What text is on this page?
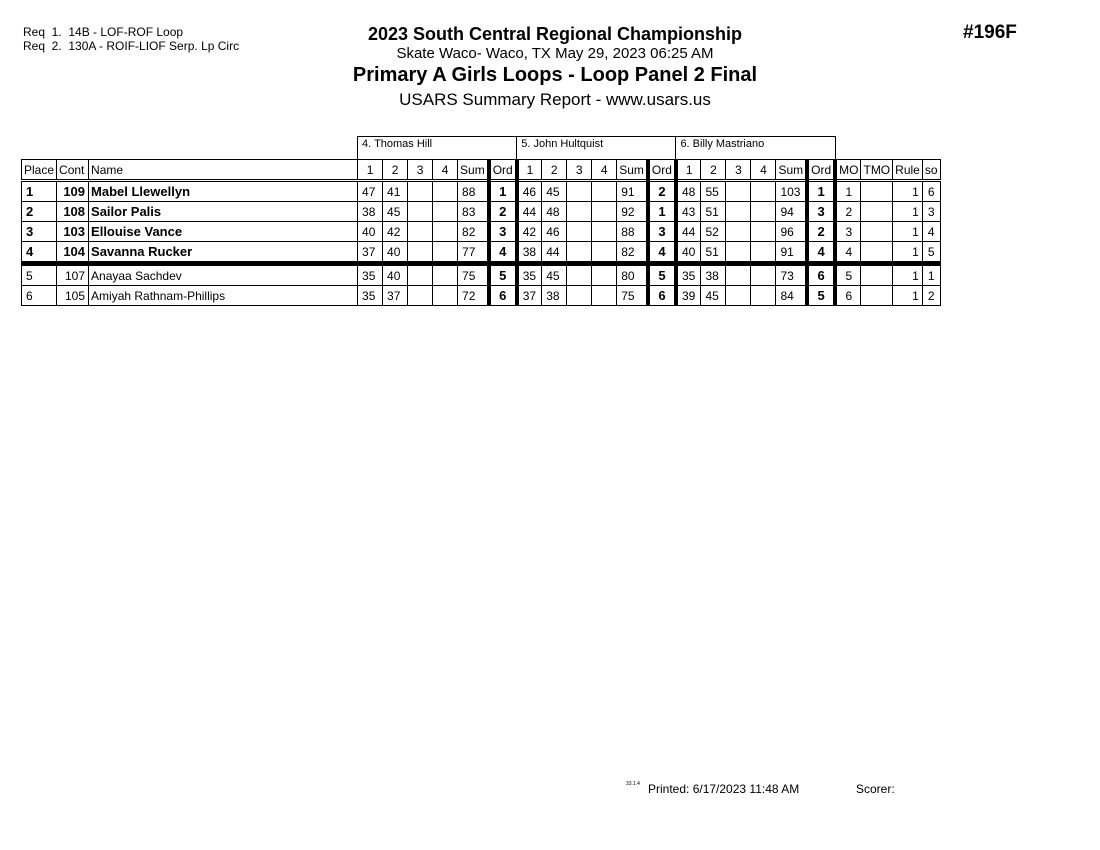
Req  1.  14B - LOF-ROF Loop
Req  2.  130A - ROIF-LIOF Serp. Lp Circ
#196F
2023 South Central Regional Championship
Skate Waco- Waco, TX May 29, 2023 06:25 AM
Primary A Girls Loops - Loop Panel 2 Final
USARS Summary Report - www.usars.us
			4. Thomas Hill						5. John Hultquist						6. Billy Mastriano									
Place	Cont	Name	1	2	3	4	Sum	Ord	1	2	3	4	Sum	Ord	1	2	3	4	Sum	Ord	MO	TMO	Rule	so
1	109	Mabel Llewellyn	47	41			88	1	46	45			91	2	48	55			103	1	1		1	6
2	108	Sailor Palis	38	45			83	2	44	48			92	1	43	51			94	3	2		1	3
3	103	Ellouise Vance	40	42			82	3	42	46			88	3	44	52			96	2	3		1	4
4	104	Savanna Rucker	37	40			77	4	38	44			82	4	40	51			91	4	4		1	5
5	107	Anayaa Sachdev	35	40			75	5	35	45			80	5	35	38			73	6	5		1	1
6	105	Amiyah Rathnam-Phillips	35	37			72	6	37	38			75	6	39	45			84	5	6		1	2
33.1.4 Printed: 6/17/2023 11:48 AM	Scorer:
